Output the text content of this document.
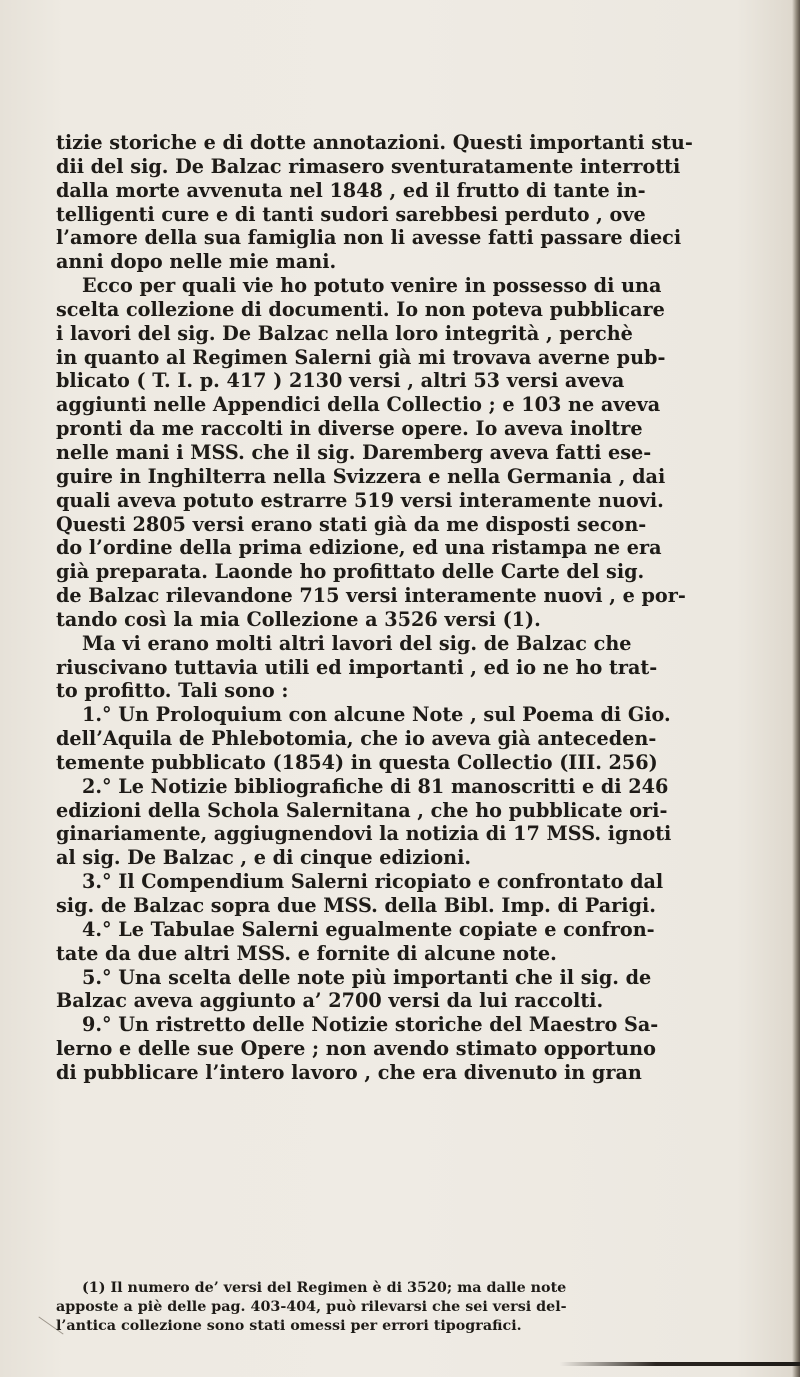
tizie storiche e di dotte annotazioni. Questi importanti stu-
dii del sig. De Balzac rimasero sventuratamente interrotti
dalla morte avvenuta nel 1848 , ed il frutto di tante in-
telligenti cure e di tanti sudori sarebbesi perduto , ove
l’amore della sua famiglia non li avesse fatti passare dieci
anni dopo nelle mie mani.
Ecco per quali vie ho potuto venire in possesso di una
scelta collezione di documenti. Io non poteva pubblicare
i lavori del sig. De Balzac nella loro integrità , perchè
in quanto al Regimen Salerni già mi trovava averne pub-
blicato ( T. I. p. 417 ) 2130 versi , altri 53 versi aveva
aggiunti nelle Appendici della Collectio ; e 103 ne aveva
pronti da me raccolti in diverse opere. Io aveva inoltre
nelle mani i MSS. che il sig. Daremberg aveva fatti ese-
guire in Inghilterra nella Svizzera e nella Germania , dai
quali aveva potuto estrarre 519 versi interamente nuovi.
Questi 2805 versi erano stati già da me disposti secon-
do l’ordine della prima edizione, ed una ristampa ne era
già preparata. Laonde ho profittato delle Carte del sig.
de Balzac rilevandone 715 versi interamente nuovi , e por-
tando così la mia Collezione a 3526 versi (1).
Ma vi erano molti altri lavori del sig. de Balzac che
riuscivano tuttavia utili ed importanti , ed io ne ho trat-
to profitto. Tali sono :
1.° Un Proloquium con alcune Note , sul Poema di Gio.
dell’Aquila de Phlebotomia, che io aveva già anteceden-
temente pubblicato (1854) in questa Collectio (III. 256)
2.° Le Notizie bibliografiche di 81 manoscritti e di 246
edizioni della Schola Salernitana , che ho pubblicate ori-
ginariamente, aggiugnendovi la notizia di 17 MSS. ignoti
al sig. De Balzac , e di cinque edizioni.
3.° Il Compendium Salerni ricopiato e confrontato dal
sig. de Balzac sopra due MSS. della Bibl. Imp. di Parigi.
4.° Le Tabulae Salerni egualmente copiate e confron-
tate da due altri MSS. e fornite di alcune note.
5.° Una scelta delle note più importanti che il sig. de
Balzac aveva aggiunto a’ 2700 versi da lui raccolti.
9.° Un ristretto delle Notizie storiche del Maestro Sa-
lerno e delle sue Opere ; non avendo stimato opportuno
di pubblicare l’intero lavoro , che era divenuto in gran
(1) Il numero de’ versi del Regimen è di 3520; ma dalle note
apposte a piè delle pag. 403-404, può rilevarsi che sei versi del-
l’antica collezione sono stati omessi per errori tipografici.
